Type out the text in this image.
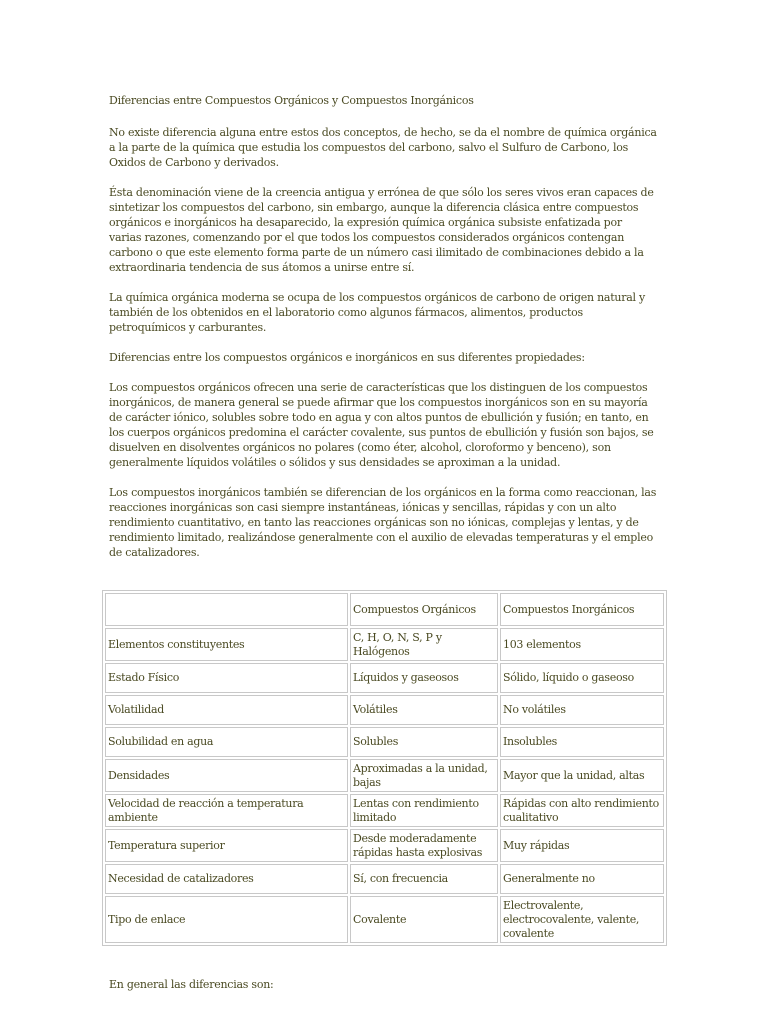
Diferencias entre Compuestos Orgánicos y Compuestos Inorgánicos

No existe diferencia alguna entre estos dos conceptos, de hecho, se da el nombre de química orgánica a la parte de la química que estudia los compuestos del carbono, salvo el Sulfuro de Carbono, los Oxidos de Carbono y derivados.

Ésta denominación viene de la creencia antigua y errónea de que sólo los seres vivos eran capaces de sintetizar los compuestos del carbono, sin embargo, aunque la diferencia clásica entre compuestos orgánicos e inorgánicos ha desaparecido, la expresión química orgánica subsiste enfatizada por varias razones, comenzando por el que todos los compuestos considerados orgánicos contengan carbono o que este elemento forma parte de un número casi ilimitado de combinaciones debido a la extraordinaria tendencia de sus átomos a unirse entre sí.

La química orgánica moderna se ocupa de los compuestos orgánicos de carbono de origen natural y también de los obtenidos en el laboratorio como algunos fármacos, alimentos, productos petroquímicos y carburantes.

Diferencias entre los compuestos orgánicos e inorgánicos en sus diferentes propiedades:

Los compuestos orgánicos ofrecen una serie de características que los distinguen de los compuestos inorgánicos, de manera general se puede afirmar que los compuestos inorgánicos son en su mayoría de carácter iónico, solubles sobre todo en agua y con altos puntos de ebullición y fusión; en tanto, en los cuerpos orgánicos predomina el carácter covalente, sus puntos de ebullición y fusión son bajos, se disuelven en disolventes orgánicos no polares (como éter, alcohol, cloroformo y benceno), son generalmente líquidos volátiles o sólidos y sus densidades se aproximan a la unidad.

Los compuestos inorgánicos también se diferencian de los orgánicos en la forma como reaccionan, las reacciones inorgánicas son casi siempre instantáneas, iónicas y sencillas, rápidas y con un alto rendimiento cuantitativo, en tanto las reacciones orgánicas son no iónicas, complejas y lentas, y de rendimiento limitado, realizándose generalmente con el auxilio de elevadas temperaturas y el empleo de catalizadores.

	Compuestos Orgánicos	Compuestos Inorgánicos
Elementos constituyentes	C, H, O, N, S, P y Halógenos	103 elementos
Estado Físico	Líquidos y gaseosos	Sólido, líquido o gaseoso
Volatilidad	Volátiles	No volátiles
Solubilidad en agua	Solubles	Insolubles
Densidades	Aproximadas a la unidad, bajas	Mayor que la unidad, altas
Velocidad de reacción a temperatura ambiente	Lentas con rendimiento limitado	Rápidas con alto rendimiento cualitativo
Temperatura superior	Desde moderadamente rápidas hasta explosivas	Muy rápidas
Necesidad de catalizadores	Sí, con frecuencia	Generalmente no
Tipo de enlace	Covalente	Electrovalente, electrocovalente, valente, covalente

En general las diferencias son:
